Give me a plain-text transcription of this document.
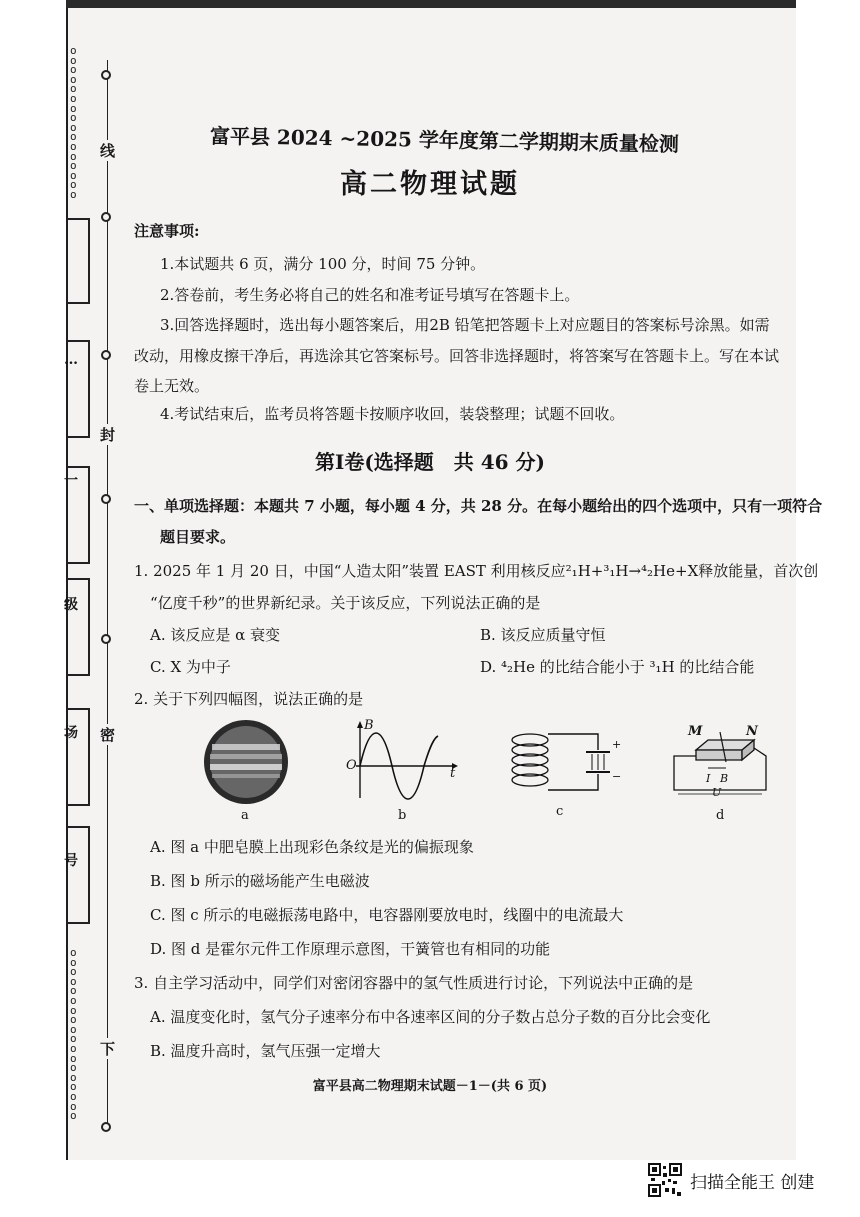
oooooooooooooooo
oooooooooooooooooo
线
封
密
下
…
一
级
场
号
富平县 2024 ~2025 学年度第二学期期末质量检测
高二物理试题
注意事项:
1.本试题共 6 页，满分 100 分，时间 75 分钟。
2.答卷前，考生务必将自己的姓名和准考证号填写在答题卡上。
3.回答选择题时，选出每小题答案后，用2B 铅笔把答题卡上对应题目的答案标号涂黑。如需
改动，用橡皮擦干净后，再选涂其它答案标号。回答非选择题时，将答案写在答题卡上。写在本试
卷上无效。
4.考试结束后，监考员将答题卡按顺序收回，装袋整理；试题不回收。
第Ⅰ卷(选择题　共 46 分)
一、单项选择题：本题共 7 小题，每小题 4 分，共 28 分。在每小题给出的四个选项中，只有一项符合
题目要求。
1. 2025 年 1 月 20 日，中国“人造太阳”装置 EAST 利用核反应²₁H+³₁H→⁴₂He+X释放能量，首次创
“亿度千秒”的世界新纪录。关于该反应，下列说法正确的是
A. 该反应是 α 衰变	B. 该反应质量守恒
C. X 为中子	D. ⁴₂He 的比结合能小于 ³₁H 的比结合能
2. 关于下列四幅图，说法正确的是
a
B
O
t
b
+
−
c
M	N
I B
U
d
A. 图 a 中肥皂膜上出现彩色条纹是光的偏振现象
B. 图 b 所示的磁场能产生电磁波
C. 图 c 所示的电磁振荡电路中，电容器刚要放电时，线圈中的电流最大
D. 图 d 是霍尔元件工作原理示意图，干簧管也有相同的功能
3. 自主学习活动中，同学们对密闭容器中的氢气性质进行讨论，下列说法中正确的是
A. 温度变化时，氢气分子速率分布中各速率区间的分子数占总分子数的百分比会变化
B. 温度升高时，氢气压强一定增大
富平县高二物理期末试题－1－(共 6 页)
扫描全能王 创建
